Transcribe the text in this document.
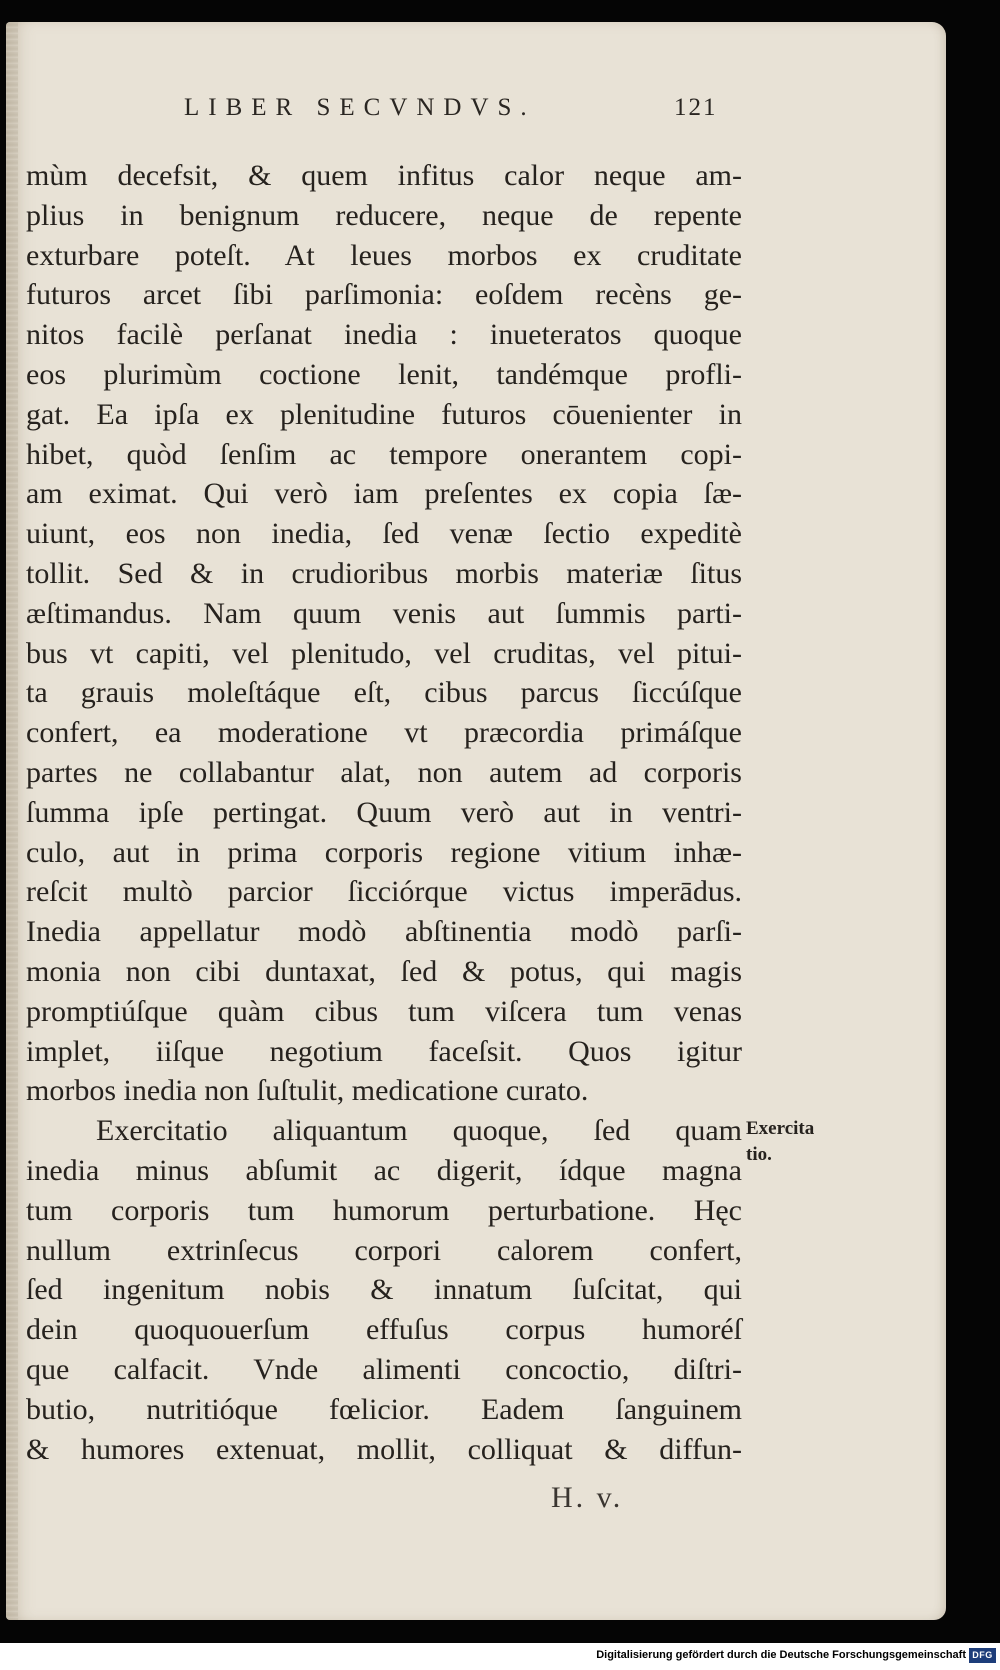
LIBER SECVNDVS.	121
mùm decefsit, & quem infitus calor neque am-
plius in benignum reducere, neque de repente
exturbare poteſt. At leues morbos ex cruditate
futuros arcet ſibi parſimonia: eoſdem recèns ge-
nitos facilè perſanat inedia : inueteratos quoque
eos plurimùm coctione lenit, tandémque profli-
gat. Ea ipſa ex plenitudine futuros cōuenienter in
hibet, quòd ſenſim ac tempore onerantem copi-
am eximat. Qui verò iam preſentes ex copia ſæ-
uiunt, eos non inedia, ſed venæ ſectio expeditè
tollit. Sed & in crudioribus morbis materiæ ſitus
æſtimandus. Nam quum venis aut ſummis parti-
bus vt capiti, vel plenitudo, vel cruditas, vel pitui-
ta grauis moleſtáque eſt, cibus parcus ſiccúſque
confert, ea moderatione vt præcordia primáſque
partes ne collabantur alat, non autem ad corporis
ſumma ipſe pertingat. Quum verò aut in ventri-
culo, aut in prima corporis regione vitium inhæ-
reſcit multò parcior ſicciórque victus imperādus.
Inedia appellatur modò abſtinentia modò parſi-
monia non cibi duntaxat, ſed & potus, qui magis
promptiúſque quàm cibus tum viſcera tum venas
implet, iiſque negotium faceſsit. Quos igitur
morbos inedia non ſuſtulit, medicatione curato.
Exercitatio aliquantum quoque, ſed quam
inedia minus abſumit ac digerit, ídque magna
tum corporis tum humorum perturbatione. Hęc
nullum extrinſecus corpori calorem confert,
ſed ingenitum nobis & innatum ſuſcitat, qui
dein quoquouerſum effuſus corpus humoréſ
que calfacit. Vnde alimenti concoctio, diſtri-
butio, nutritióque fœlicior. Eadem ſanguinem
& humores extenuat, mollit, colliquat & diffun-
Exercita
tio.
H. v.
Digitalisierung gefördert durch die Deutsche Forschungsgemeinschaft DFG
